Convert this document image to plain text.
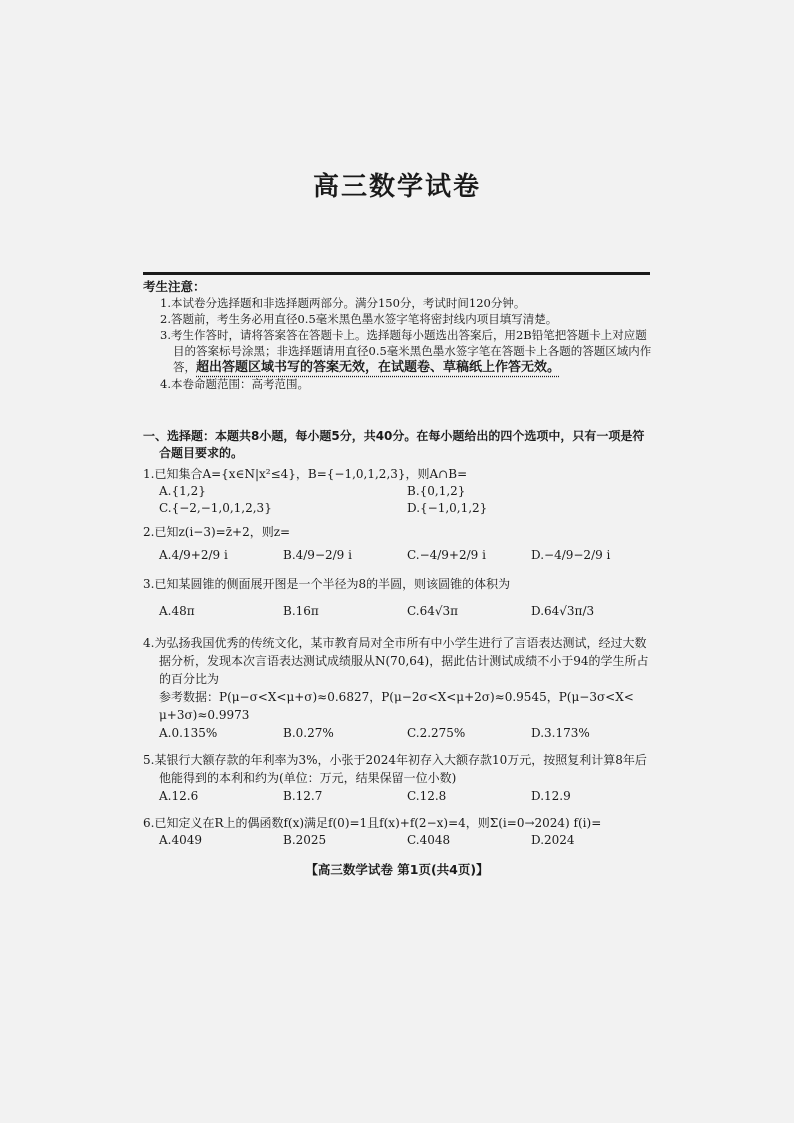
高三数学试卷
考生注意：
1.本试卷分选择题和非选择题两部分。满分150分，考试时间120分钟。
2.答题前，考生务必用直径0.5毫米黑色墨水签字笔将密封线内项目填写清楚。
3.考生作答时，请将答案答在答题卡上。选择题每小题选出答案后，用2B铅笔把答题卡上对应题目的答案标号涂黑；非选择题请用直径0.5毫米黑色墨水签字笔在答题卡上各题的答题区域内作答，超出答题区域书写的答案无效，在试题卷、草稿纸上作答无效。
4.本卷命题范围：高考范围。
一、选择题：本题共8小题，每小题5分，共40分。在每小题给出的四个选项中，只有一项是符
合题目要求的。
1.已知集合A={x∈N|x²≤4}，B={−1,0,1,2,3}，则A∩B=
A.{1,2}	B.{0,1,2}
C.{−2,−1,0,1,2,3}	D.{−1,0,1,2}
2.已知z(i−3)=z̄+2，则z=
A.4/9+2/9 i	B.4/9−2/9 i	C.−4/9+2/9 i	D.−4/9−2/9 i
3.已知某圆锥的侧面展开图是一个半径为8的半圆，则该圆锥的体积为
A.48π	B.16π	C.64√3π	D.64√3π/3
4.为弘扬我国优秀的传统文化，某市教育局对全市所有中小学生进行了言语表达测试，经过大数据分析，发现本次言语表达测试成绩服从N(70,64)，据此估计测试成绩不小于94的学生所占的百分比为
参考数据：P(μ−σ<X<μ+σ)≈0.6827，P(μ−2σ<X<μ+2σ)≈0.9545，P(μ−3σ<X<
μ+3σ)≈0.9973
A.0.135%	B.0.27%	C.2.275%	D.3.173%
5.某银行大额存款的年利率为3%，小张于2024年初存入大额存款10万元，按照复利计算8年后他能得到的本利和约为(单位：万元，结果保留一位小数)
A.12.6	B.12.7	C.12.8	D.12.9
6.已知定义在R上的偶函数f(x)满足f(0)=1且f(x)+f(2−x)=4，则Σ(i=0→2024) f(i)=
A.4049	B.2025	C.4048	D.2024
【高三数学试卷 第1页(共4页)】
